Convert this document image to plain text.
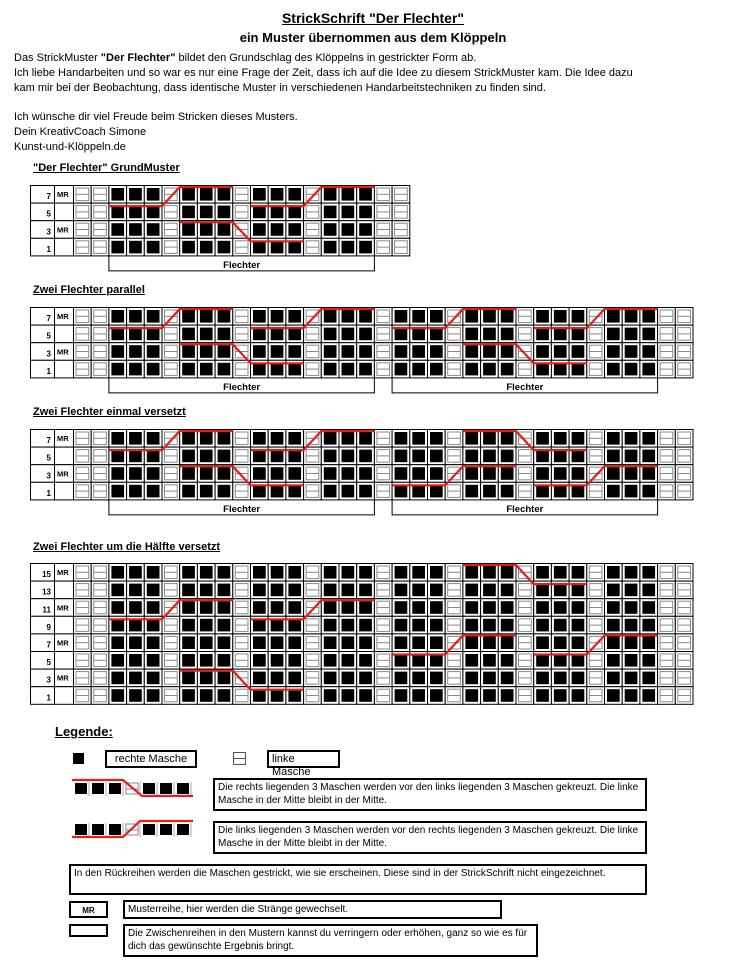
StrickSchrift "Der Flechter"
ein Muster übernommen aus dem Klöppeln

Das StrickMuster "Der Flechter" bildet den Grundschlag des Klöppelns in gestrickter Form ab.

Ich liebe Handarbeiten und so war es nur eine Frage der Zeit, dass ich auf die Idee zu diesem StrickMuster kam. Die Idee dazu

kam mir bei der Beobachtung, dass identische Muster in verschiedenen Handarbeitstechniken zu finden sind.

Ich wünsche dir viel Freude beim Stricken dieses Musters.

Dein KreativCoach Simone

Kunst-und-Klöppeln.de

"Der Flechter" GrundMuster
7 MR
5
3 MR
1
Flechter
Zwei Flechter parallel
7 MR
5
3 MR
1
Flechter	Flechter
Zwei Flechter einmal versetzt
7 MR
5
3 MR
1
Flechter	Flechter
Zwei Flechter um die Hälfte versetzt
15 MR
13
11 MR
9
7 MR
5
3 MR
1
Legende:
rechte Masche	linke Masche
Die rechts liegenden 3 Maschen werden vor den links liegenden 3 Maschen gekreuzt. Die linke Masche in der Mitte bleibt in der Mitte.
Die links liegenden 3 Maschen werden vor den rechts liegenden 3 Maschen gekreuzt. Die linke Masche in der Mitte bleibt in der Mitte.
In den Rückreihen werden die Maschen gestrickt, wie sie erscheinen. Diese sind in der StrickSchrift nicht eingezeichnet.
MR	Musterreihe, hier werden die Stränge gewechselt.
Die Zwischenreihen in den Mustern kannst du verringern oder erhöhen, ganz so wie es für dich das gewünschte Ergebnis bringt.
